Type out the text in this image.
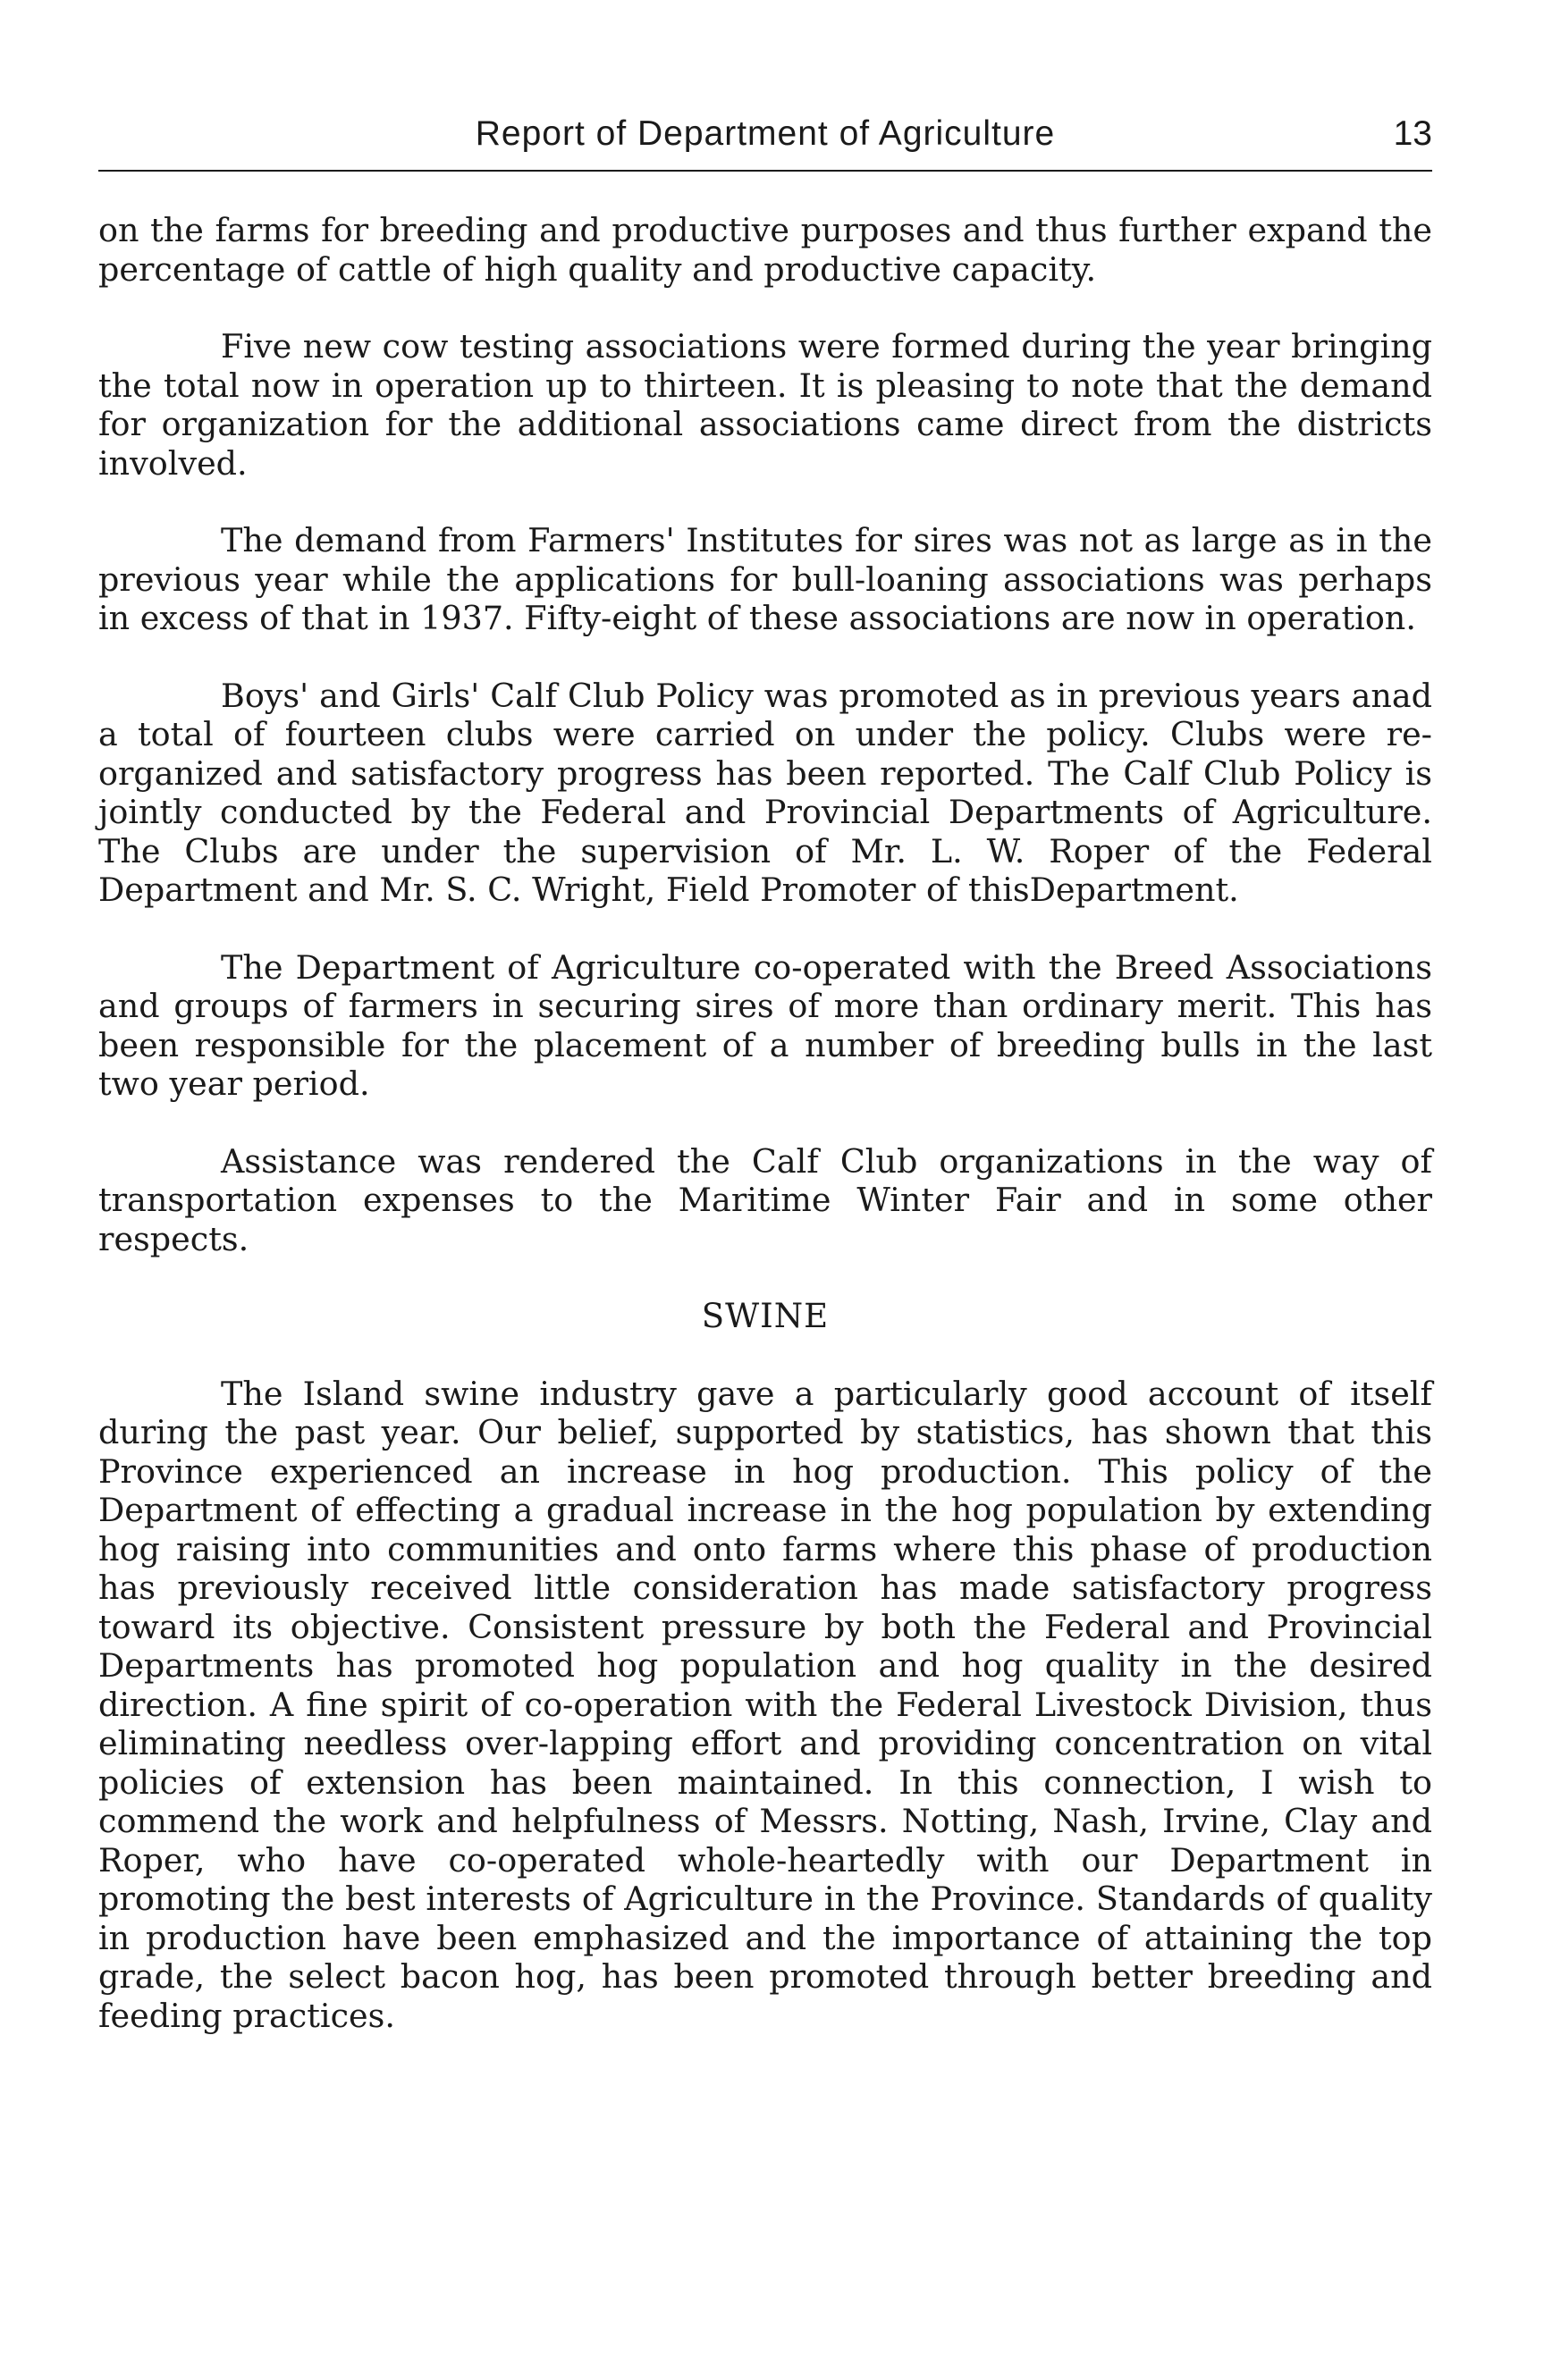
Report of Department of Agriculture	13

on the farms for breeding and productive purposes and thus further expand the percentage of cattle of high quality and productive capacity.

Five new cow testing associations were formed during the year bringing the total now in operation up to thirteen. It is pleasing to note that the demand for organization for the additional associations came direct from the districts involved.

The demand from Farmers' Institutes for sires was not as large as in the previous year while the applications for bull-loaning associations was perhaps in excess of that in 1937. Fifty-eight of these associations are now in operation.

Boys' and Girls' Calf Club Policy was promoted as in previous years anad a total of fourteen clubs were carried on under the policy. Clubs were re-organized and satisfactory progress has been reported. The Calf Club Policy is jointly conducted by the Federal and Provincial Departments of Agriculture. The Clubs are under the supervision of Mr. L. W. Roper of the Federal Department and Mr. S. C. Wright, Field Promoter of thisDepartment.

The Department of Agriculture co-operated with the Breed Associations and groups of farmers in securing sires of more than ordinary merit. This has been responsible for the placement of a number of breeding bulls in the last two year period.

Assistance was rendered the Calf Club organizations in the way of transportation expenses to the Maritime Winter Fair and in some other respects.

SWINE

The Island swine industry gave a particularly good account of itself during the past year. Our belief, supported by statistics, has shown that this Province experienced an increase in hog production. This policy of the Department of effecting a gradual increase in the hog population by extending hog raising into communities and onto farms where this phase of production has previously received little consideration has made satisfactory progress toward its objective. Consistent pressure by both the Federal and Provincial Departments has promoted hog population and hog quality in the desired direction. A fine spirit of co-operation with the Federal Livestock Division, thus eliminating needless over-lapping effort and providing concentration on vital policies of extension has been maintained. In this connection, I wish to commend the work and helpfulness of Messrs. Notting, Nash, Irvine, Clay and Roper, who have co-operated whole-heartedly with our Department in promoting the best interests of Agriculture in the Province. Standards of quality in production have been emphasized and the importance of attaining the top grade, the select bacon hog, has been promoted through better breeding and feeding practices.
